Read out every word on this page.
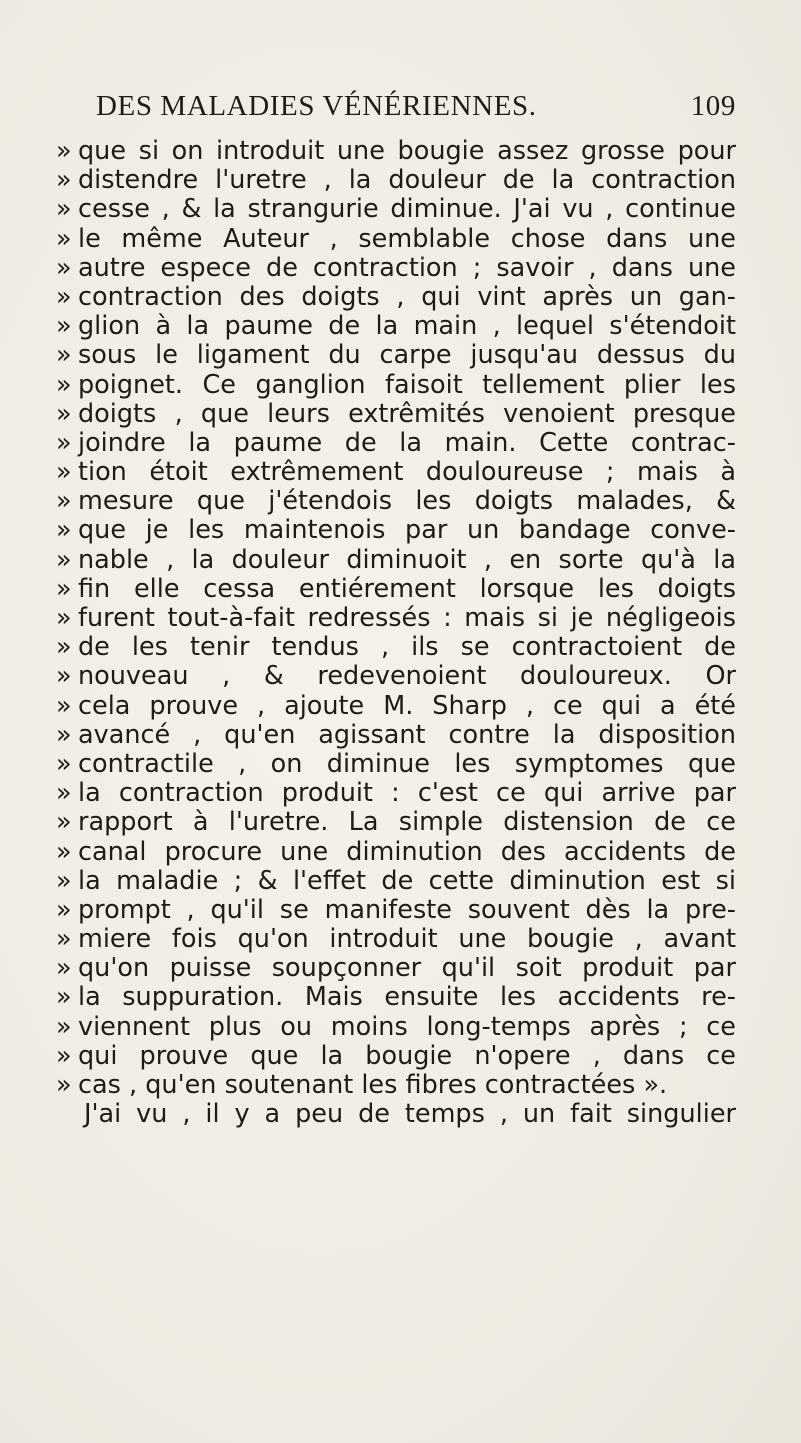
DES MALADIES VÉNÉRIENNES.	109
» que si on introduit une bougie assez grosse pour
» distendre l'uretre , la douleur de la contraction
» cesse , & la strangurie diminue. J'ai vu , continue
» le même Auteur , semblable chose dans une
» autre espece de contraction ; savoir , dans une
» contraction des doigts , qui vint après un gan-
» glion à la paume de la main , lequel s'étendoit
» sous le ligament du carpe jusqu'au dessus du
» poignet. Ce ganglion faisoit tellement plier les
» doigts , que leurs extrêmités venoient presque
» joindre la paume de la main. Cette contrac-
» tion étoit extrêmement douloureuse ; mais à
» mesure que j'étendois les doigts malades, &
» que je les maintenois par un bandage conve-
» nable , la douleur diminuoit , en sorte qu'à la
» fin elle cessa entiérement lorsque les doigts
» furent tout-à-fait redressés : mais si je négligeois
» de les tenir tendus , ils se contractoient de
» nouveau , & redevenoient douloureux. Or
» cela prouve , ajoute M. Sharp , ce qui a été
» avancé , qu'en agissant contre la disposition
» contractile , on diminue les symptomes que
» la contraction produit : c'est ce qui arrive par
» rapport à l'uretre. La simple distension de ce
» canal procure une diminution des accidents de
» la maladie ; & l'effet de cette diminution est si
» prompt , qu'il se manifeste souvent dès la pre-
» miere fois qu'on introduit une bougie , avant
» qu'on puisse soupçonner qu'il soit produit par
» la suppuration. Mais ensuite les accidents re-
» viennent plus ou moins long-temps après ; ce
» qui prouve que la bougie n'opere , dans ce
» cas , qu'en soutenant les fibres contractées ».
J'ai vu , il y a peu de temps , un fait singulier
